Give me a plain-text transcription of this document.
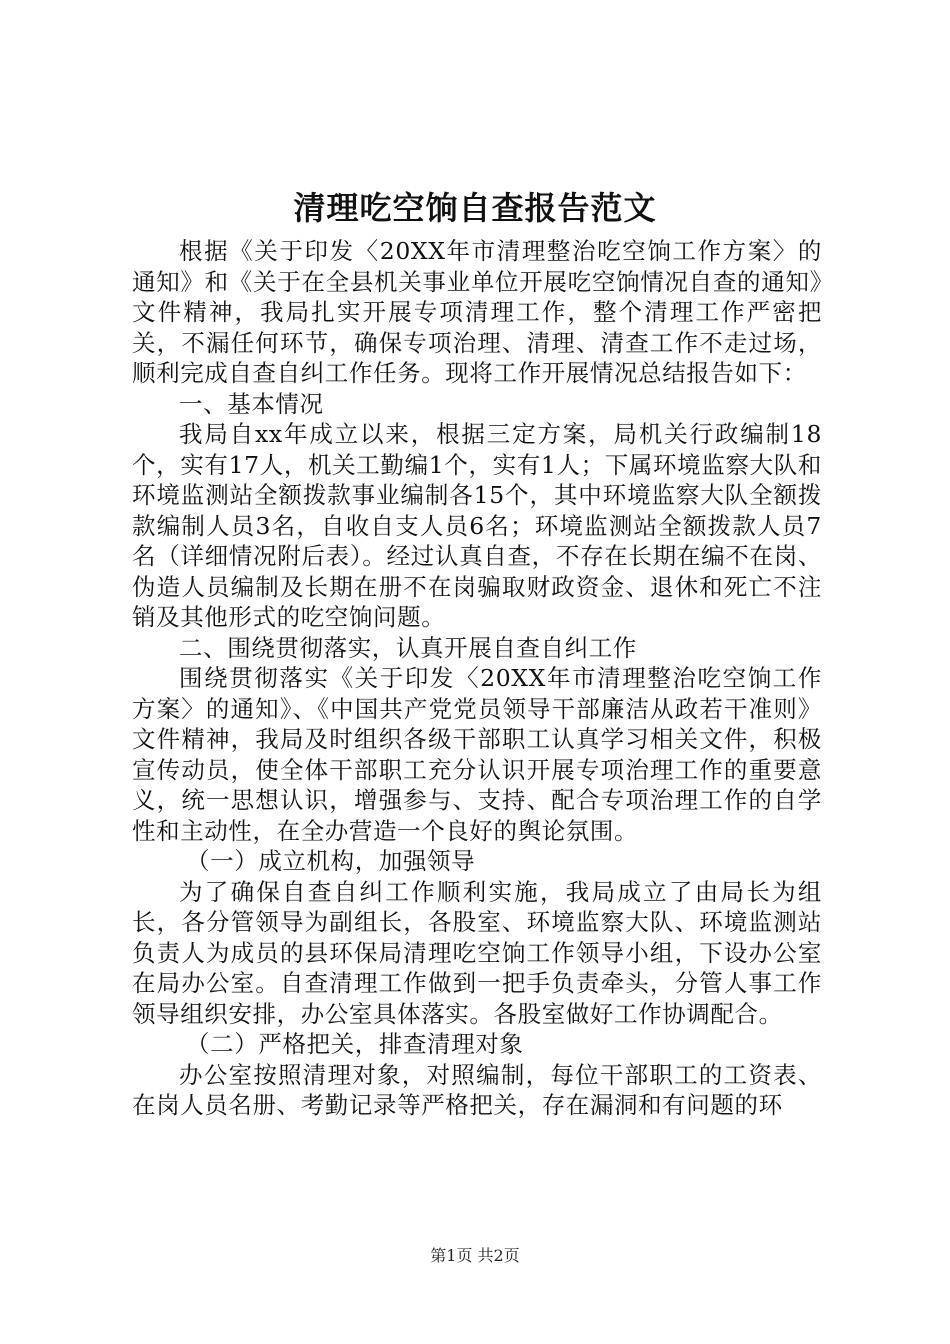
清理吃空饷自查报告范文

根据《关于印发〈20XX年市清理整治吃空饷工作方案〉的通知》和《关于在全县机关事业单位开展吃空饷情况自查的通知》文件精神，我局扎实开展专项清理工作，整个清理工作严密把关，不漏任何环节，确保专项治理、清理、清查工作不走过场，顺利完成自查自纠工作任务。现将工作开展情况总结报告如下：

一、基本情况

我局自xx年成立以来，根据三定方案，局机关行政编制18个，实有17人，机关工勤编1个，实有1人；下属环境监察大队和环境监测站全额拨款事业编制各15个，其中环境监察大队全额拨款编制人员3名，自收自支人员6名；环境监测站全额拨款人员7名（详细情况附后表）。经过认真自查，不存在长期在编不在岗、伪造人员编制及长期在册不在岗骗取财政资金、退休和死亡不注销及其他形式的吃空饷问题。

二、围绕贯彻落实，认真开展自查自纠工作

围绕贯彻落实《关于印发〈20XX年市清理整治吃空饷工作方案〉的通知》、《中国共产党党员领导干部廉洁从政若干准则》文件精神，我局及时组织各级干部职工认真学习相关文件，积极宣传动员，使全体干部职工充分认识开展专项治理工作的重要意义，统一思想认识，增强参与、支持、配合专项治理工作的自学性和主动性，在全办营造一个良好的舆论氛围。

（一）成立机构，加强领导

为了确保自查自纠工作顺利实施，我局成立了由局长为组长，各分管领导为副组长，各股室、环境监察大队、环境监测站负责人为成员的县环保局清理吃空饷工作领导小组，下设办公室在局办公室。自查清理工作做到一把手负责牵头，分管人事工作领导组织安排，办公室具体落实。各股室做好工作协调配合。

（二）严格把关，排查清理对象

办公室按照清理对象，对照编制，每位干部职工的工资表、在岗人员名册、考勤记录等严格把关，存在漏洞和有问题的环

第1页 共2页
